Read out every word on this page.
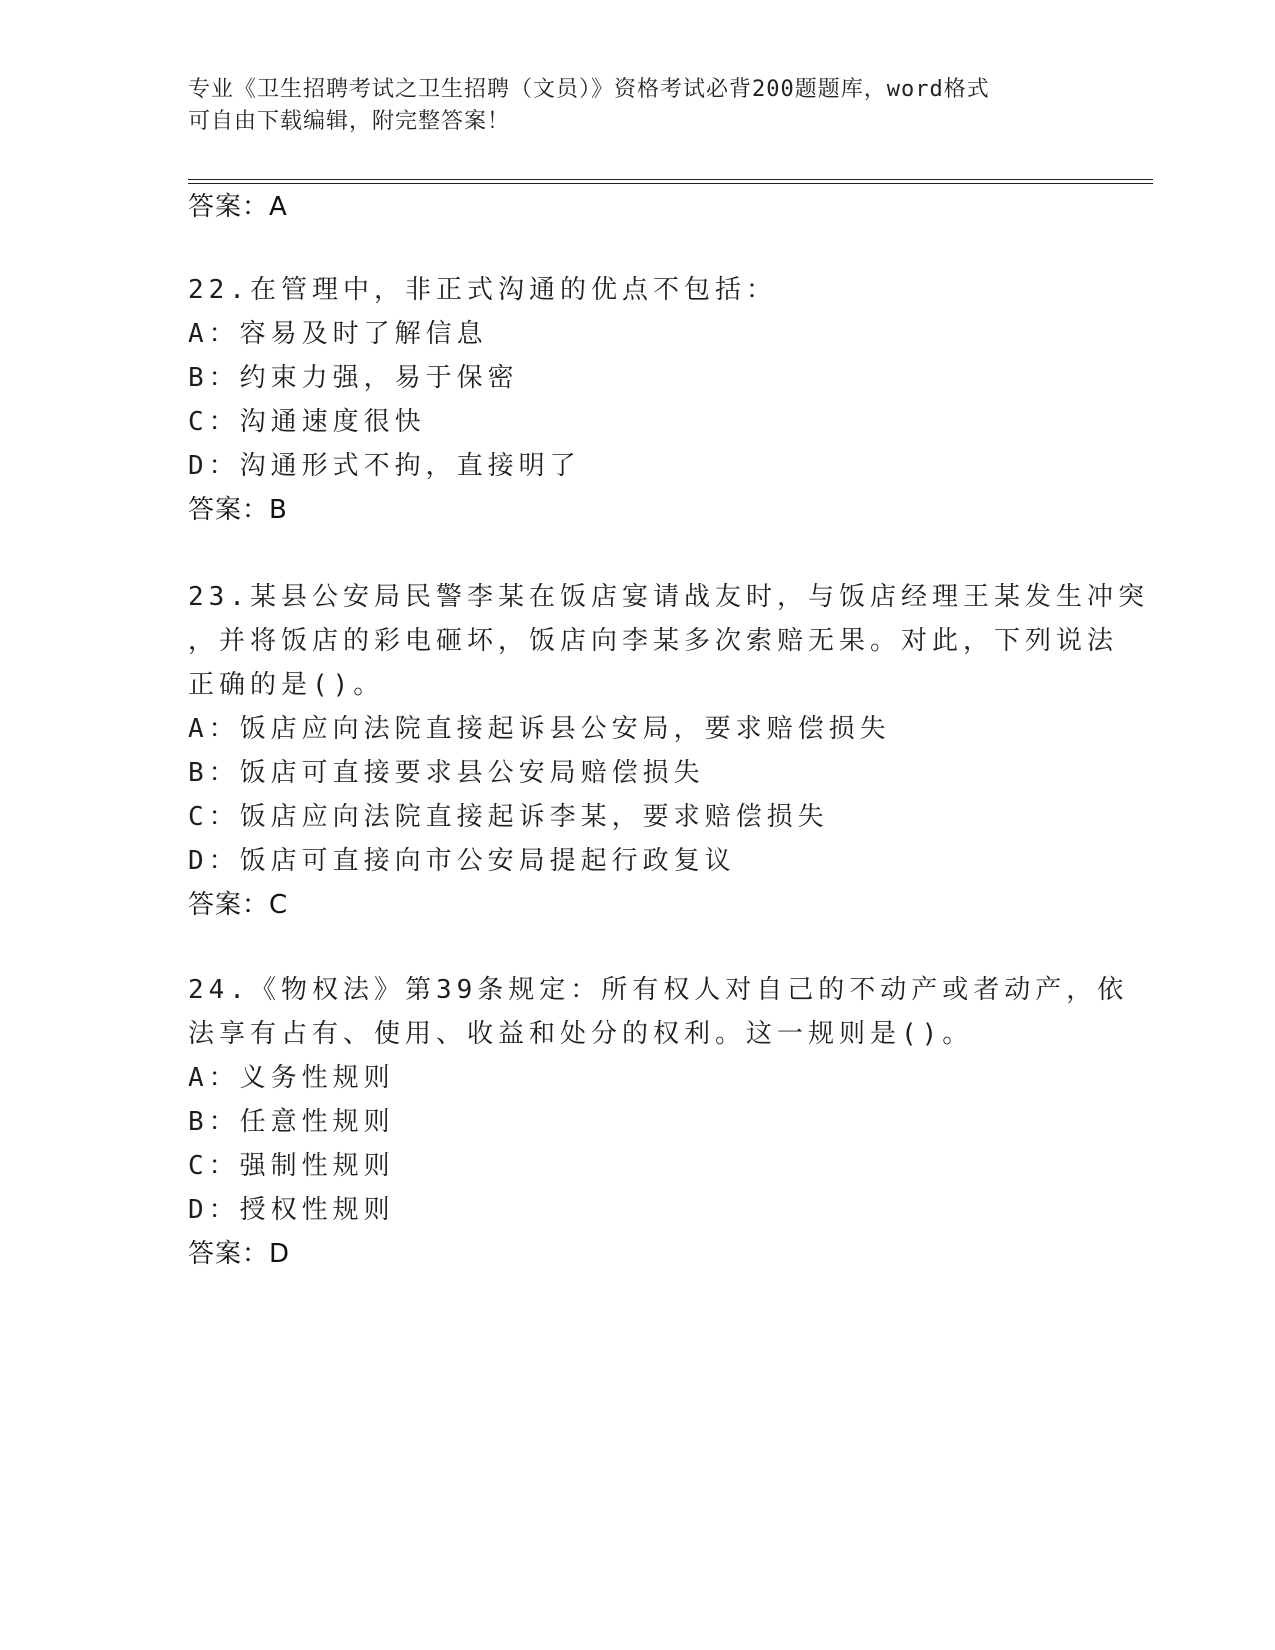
专业《卫生招聘考试之卫生招聘（文员）》资格考试必背200题题库，word格式
可自由下载编辑，附完整答案！
答案：A
22.在管理中，非正式沟通的优点不包括：
A：容易及时了解信息
B：约束力强，易于保密
C：沟通速度很快
D：沟通形式不拘，直接明了
答案：B
23.某县公安局民警李某在饭店宴请战友时，与饭店经理王某发生冲突
，并将饭店的彩电砸坏，饭店向李某多次索赔无果。对此，下列说法
正确的是()。
A：饭店应向法院直接起诉县公安局，要求赔偿损失
B：饭店可直接要求县公安局赔偿损失
C：饭店应向法院直接起诉李某，要求赔偿损失
D：饭店可直接向市公安局提起行政复议
答案：C
24.《物权法》第39条规定：所有权人对自己的不动产或者动产，依
法享有占有、使用、收益和处分的权利。这一规则是()。
A：义务性规则
B：任意性规则
C：强制性规则
D：授权性规则
答案：D
